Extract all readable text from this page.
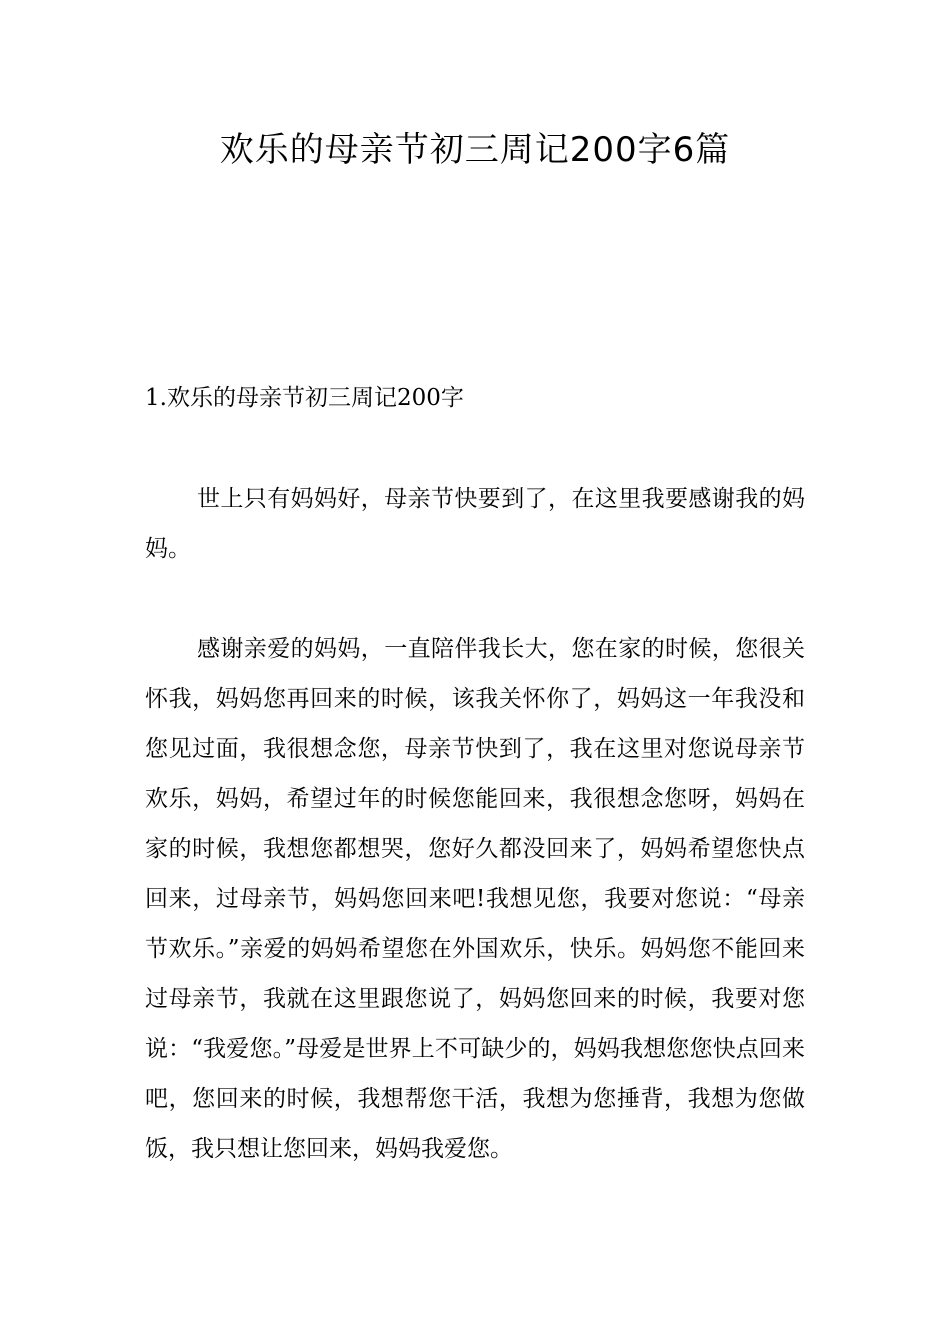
欢乐的母亲节初三周记200字6篇
1.欢乐的母亲节初三周记200字

世上只有妈妈好，母亲节快要到了，在这里我要感谢我的妈妈。

感谢亲爱的妈妈，一直陪伴我长大，您在家的时候，您很关怀我，妈妈您再回来的时候，该我关怀你了，妈妈这一年我没和您见过面，我很想念您，母亲节快到了，我在这里对您说母亲节欢乐，妈妈，希望过年的时候您能回来，我很想念您呀，妈妈在家的时候，我想您都想哭，您好久都没回来了，妈妈希望您快点回来，过母亲节，妈妈您回来吧!我想见您，我要对您说：“母亲节欢乐。”亲爱的妈妈希望您在外国欢乐，快乐。妈妈您不能回来过母亲节，我就在这里跟您说了，妈妈您回来的时候，我要对您说：“我爱您。”母爱是世界上不可缺少的，妈妈我想您您快点回来吧，您回来的时候，我想帮您干活，我想为您捶背，我想为您做饭，我只想让您回来，妈妈我爱您。
